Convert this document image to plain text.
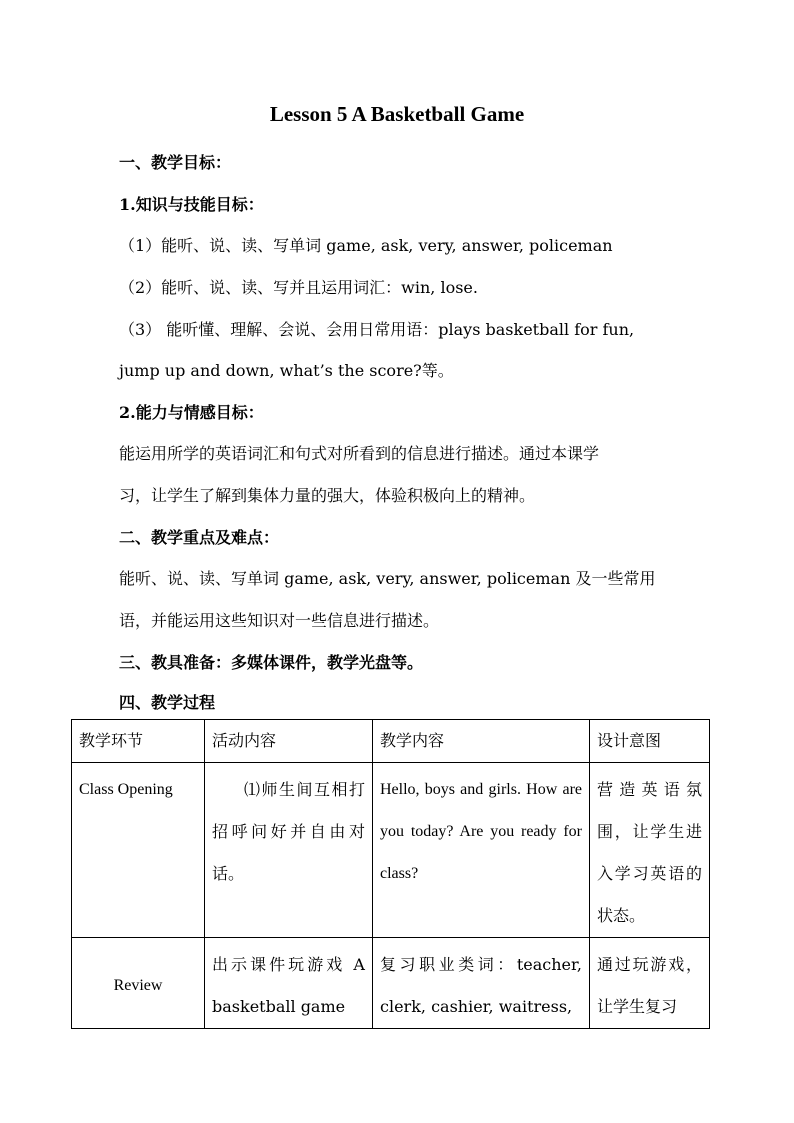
Lesson 5 A Basketball Game
一、教学目标：
1.知识与技能目标：
（1）能听、说、读、写单词 game, ask, very, answer, policeman
（2）能听、说、读、写并且运用词汇：win, lose.
（3） 能听懂、理解、会说、会用日常用语：plays basketball for fun,
jump up and down, what’s the score?等。
2.能力与情感目标：
能运用所学的英语词汇和句式对所看到的信息进行描述。通过本课学
习，让学生了解到集体力量的强大，体验积极向上的精神。
二、教学重点及难点：
能听、说、读、写单词 game, ask, very, answer, policeman 及一些常用
语，并能运用这些知识对一些信息进行描述。
三、教具准备：多媒体课件，教学光盘等。
四、教学过程
教学环节	活动内容	教学内容	设计意图
Class Opening	⑴师生间互相打招呼问好并自由对话。	Hello, boys and girls. How are you today? Are you ready for class?	营造英语氛围，让学生进入学习英语的状态。
Review	出示课件玩游戏 A basketball game	复习职业类词：teacher, clerk, cashier, waitress,	通过玩游戏，让学生复习
